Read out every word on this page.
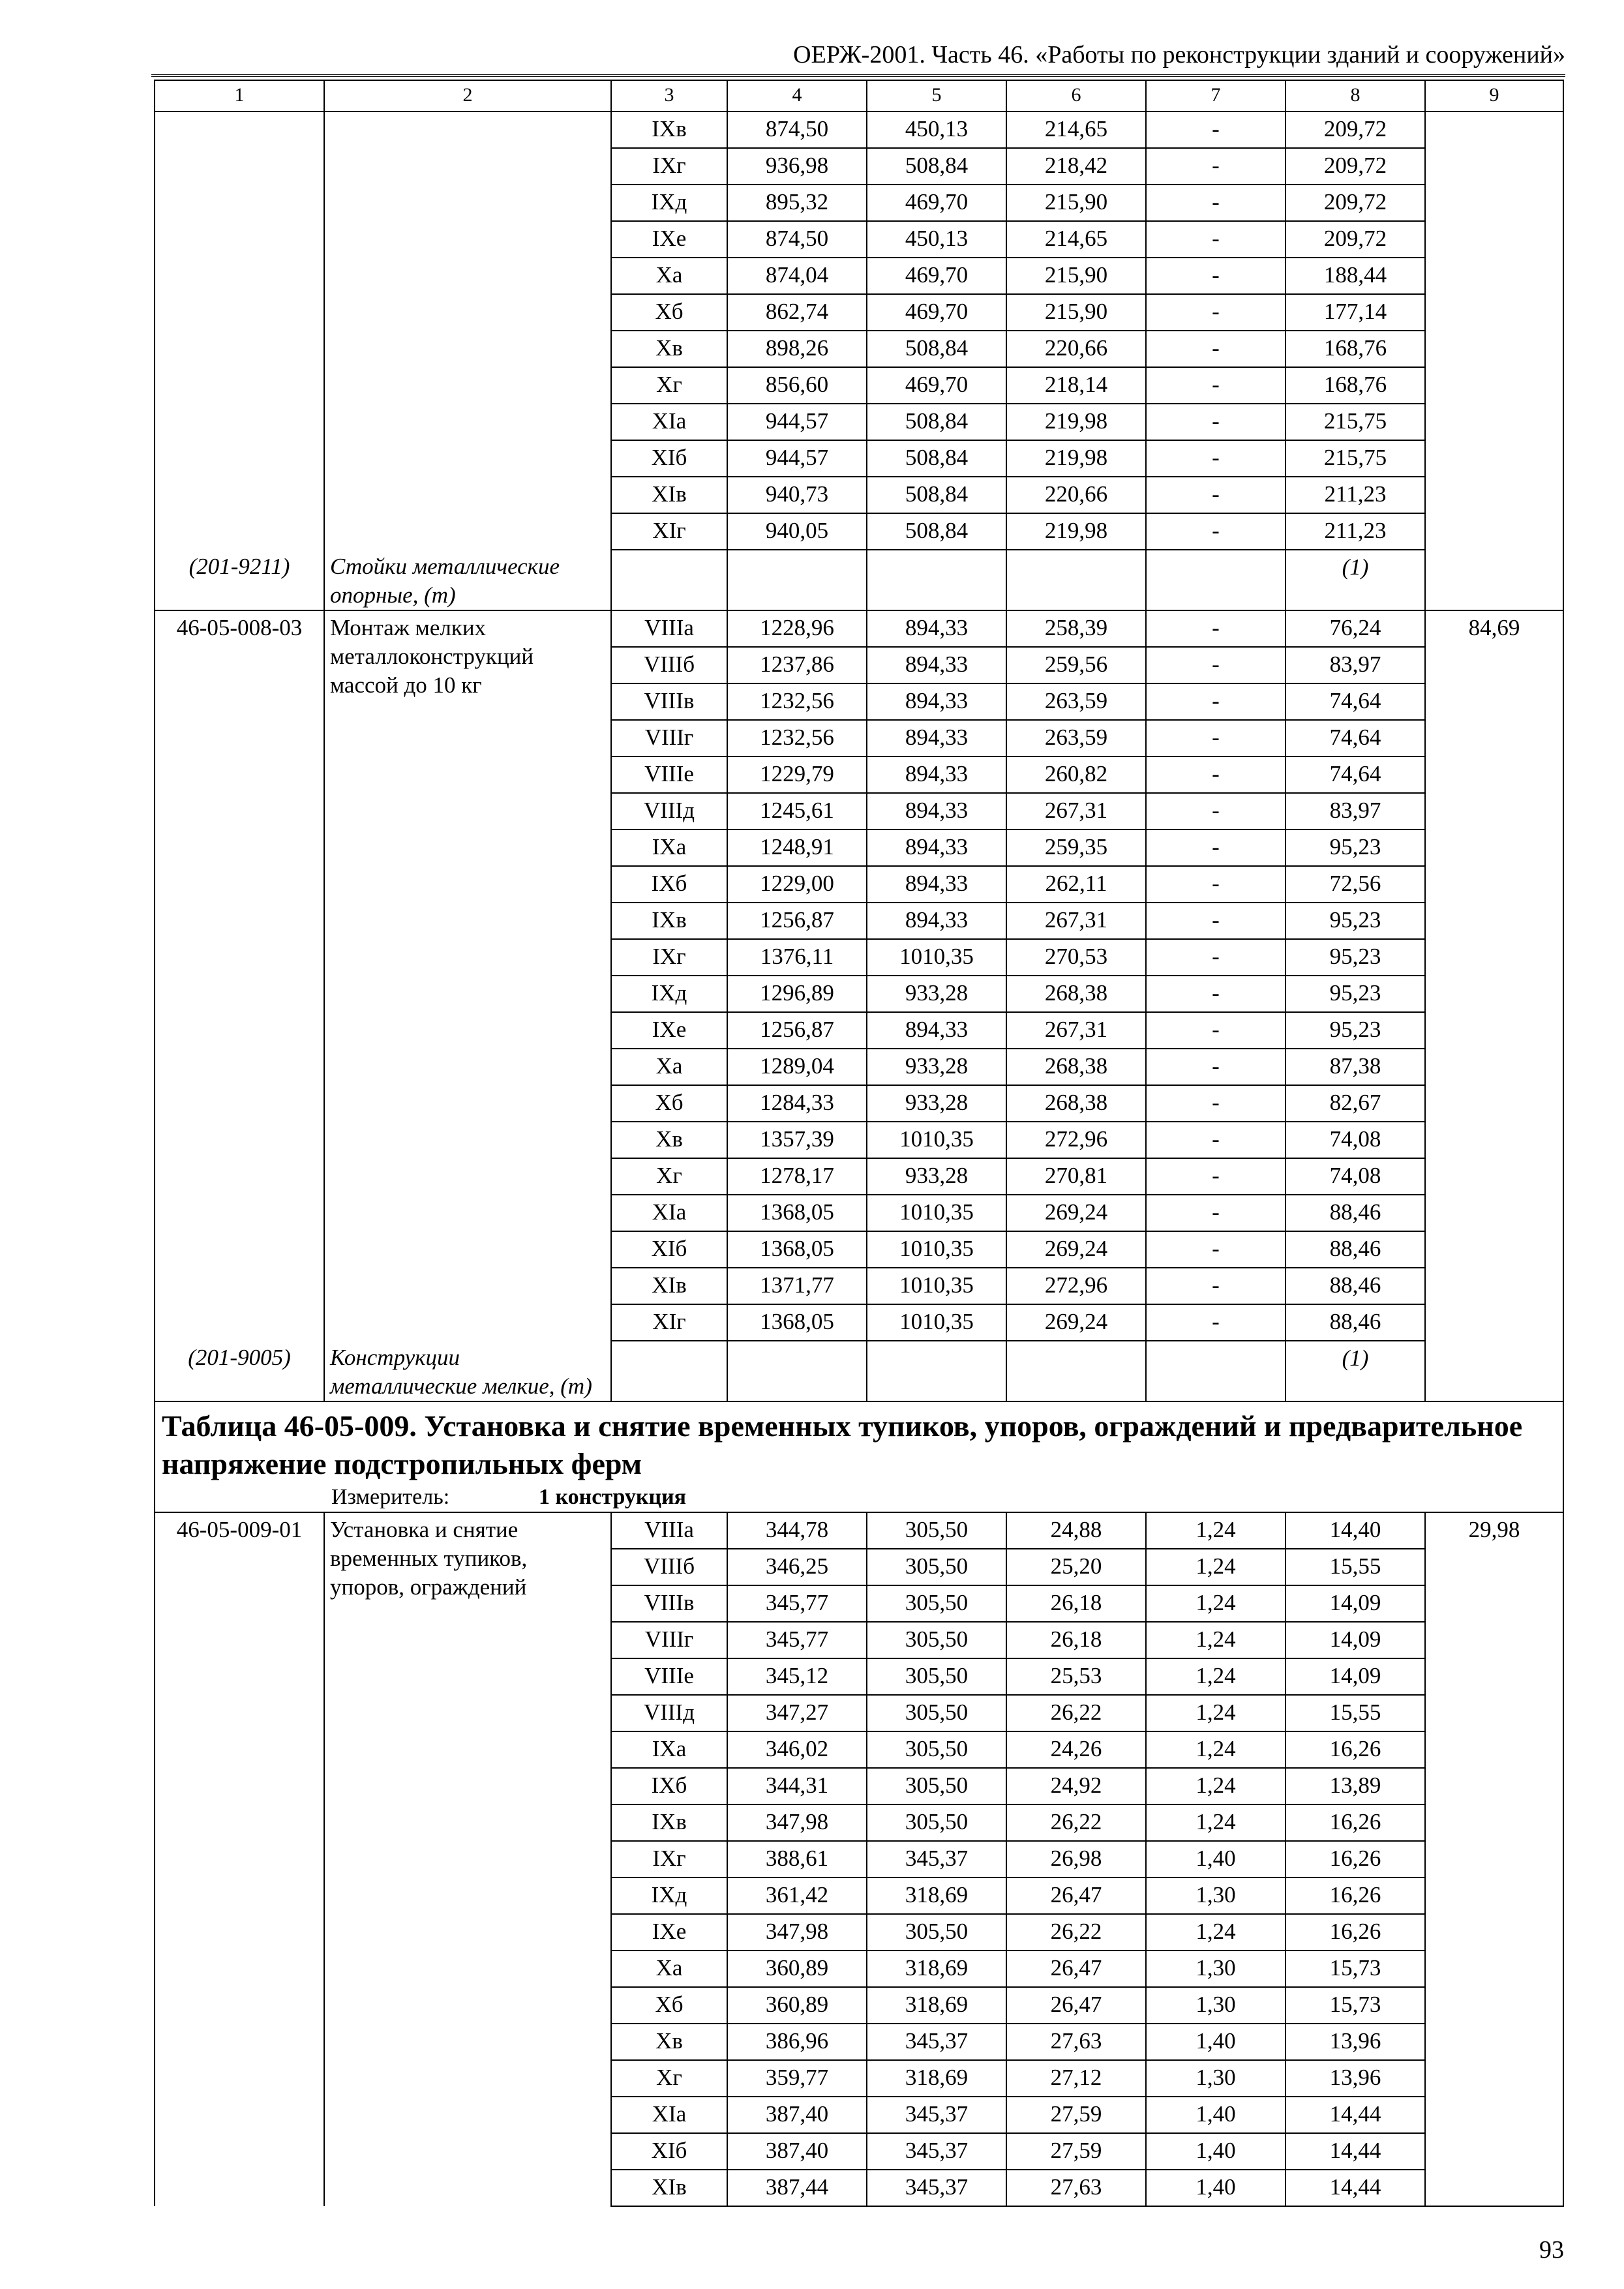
ОЕРЖ-2001. Часть 46. «Работы по реконструкции зданий и сооружений»
1	2	3	4	5	6	7	8	9
		IXв	874,50	450,13	214,65	-	209,72	
		IXг	936,98	508,84	218,42	-	209,72	
		IXд	895,32	469,70	215,90	-	209,72	
		IXе	874,50	450,13	214,65	-	209,72	
		Xа	874,04	469,70	215,90	-	188,44	
		Xб	862,74	469,70	215,90	-	177,14	
		Xв	898,26	508,84	220,66	-	168,76	
		Xг	856,60	469,70	218,14	-	168,76	
		XIа	944,57	508,84	219,98	-	215,75	
		XIб	944,57	508,84	219,98	-	215,75	
		XIв	940,73	508,84	220,66	-	211,23	
		XIг	940,05	508,84	219,98	-	211,23	
(201-9211)	Стойки металлические опорные, (т)						(1)	
46-05-008-03	Монтаж мелких металлоконструкций массой до 10 кг	VIIIа	1228,96	894,33	258,39	-	76,24	84,69
		VIIIб	1237,86	894,33	259,56	-	83,97	
		VIIIв	1232,56	894,33	263,59	-	74,64	
		VIIIг	1232,56	894,33	263,59	-	74,64	
		VIIIе	1229,79	894,33	260,82	-	74,64	
		VIIIд	1245,61	894,33	267,31	-	83,97	
		IXа	1248,91	894,33	259,35	-	95,23	
		IXб	1229,00	894,33	262,11	-	72,56	
		IXв	1256,87	894,33	267,31	-	95,23	
		IXг	1376,11	1010,35	270,53	-	95,23	
		IXд	1296,89	933,28	268,38	-	95,23	
		IXе	1256,87	894,33	267,31	-	95,23	
		Xа	1289,04	933,28	268,38	-	87,38	
		Xб	1284,33	933,28	268,38	-	82,67	
		Xв	1357,39	1010,35	272,96	-	74,08	
		Xг	1278,17	933,28	270,81	-	74,08	
		XIа	1368,05	1010,35	269,24	-	88,46	
		XIб	1368,05	1010,35	269,24	-	88,46	
		XIв	1371,77	1010,35	272,96	-	88,46	
		XIг	1368,05	1010,35	269,24	-	88,46	
(201-9005)	Конструкции металлические мелкие, (т)						(1)	
Таблица 46-05-009. Установка и снятие временных тупиков, упоров, ограждений и предварительное напряжение подстропильных ферм								
Измеритель: 1 конструкция								
46-05-009-01	Установка и снятие временных тупиков, упоров, ограждений	VIIIа	344,78	305,50	24,88	1,24	14,40	29,98
		VIIIб	346,25	305,50	25,20	1,24	15,55	
		VIIIв	345,77	305,50	26,18	1,24	14,09	
		VIIIг	345,77	305,50	26,18	1,24	14,09	
		VIIIе	345,12	305,50	25,53	1,24	14,09	
		VIIIд	347,27	305,50	26,22	1,24	15,55	
		IXа	346,02	305,50	24,26	1,24	16,26	
		IXб	344,31	305,50	24,92	1,24	13,89	
		IXв	347,98	305,50	26,22	1,24	16,26	
		IXг	388,61	345,37	26,98	1,40	16,26	
		IXд	361,42	318,69	26,47	1,30	16,26	
		IXе	347,98	305,50	26,22	1,24	16,26	
		Xа	360,89	318,69	26,47	1,30	15,73	
		Xб	360,89	318,69	26,47	1,30	15,73	
		Xв	386,96	345,37	27,63	1,40	13,96	
		Xг	359,77	318,69	27,12	1,30	13,96	
		XIа	387,40	345,37	27,59	1,40	14,44	
		XIб	387,40	345,37	27,59	1,40	14,44	
		XIв	387,44	345,37	27,63	1,40	14,44	
93
